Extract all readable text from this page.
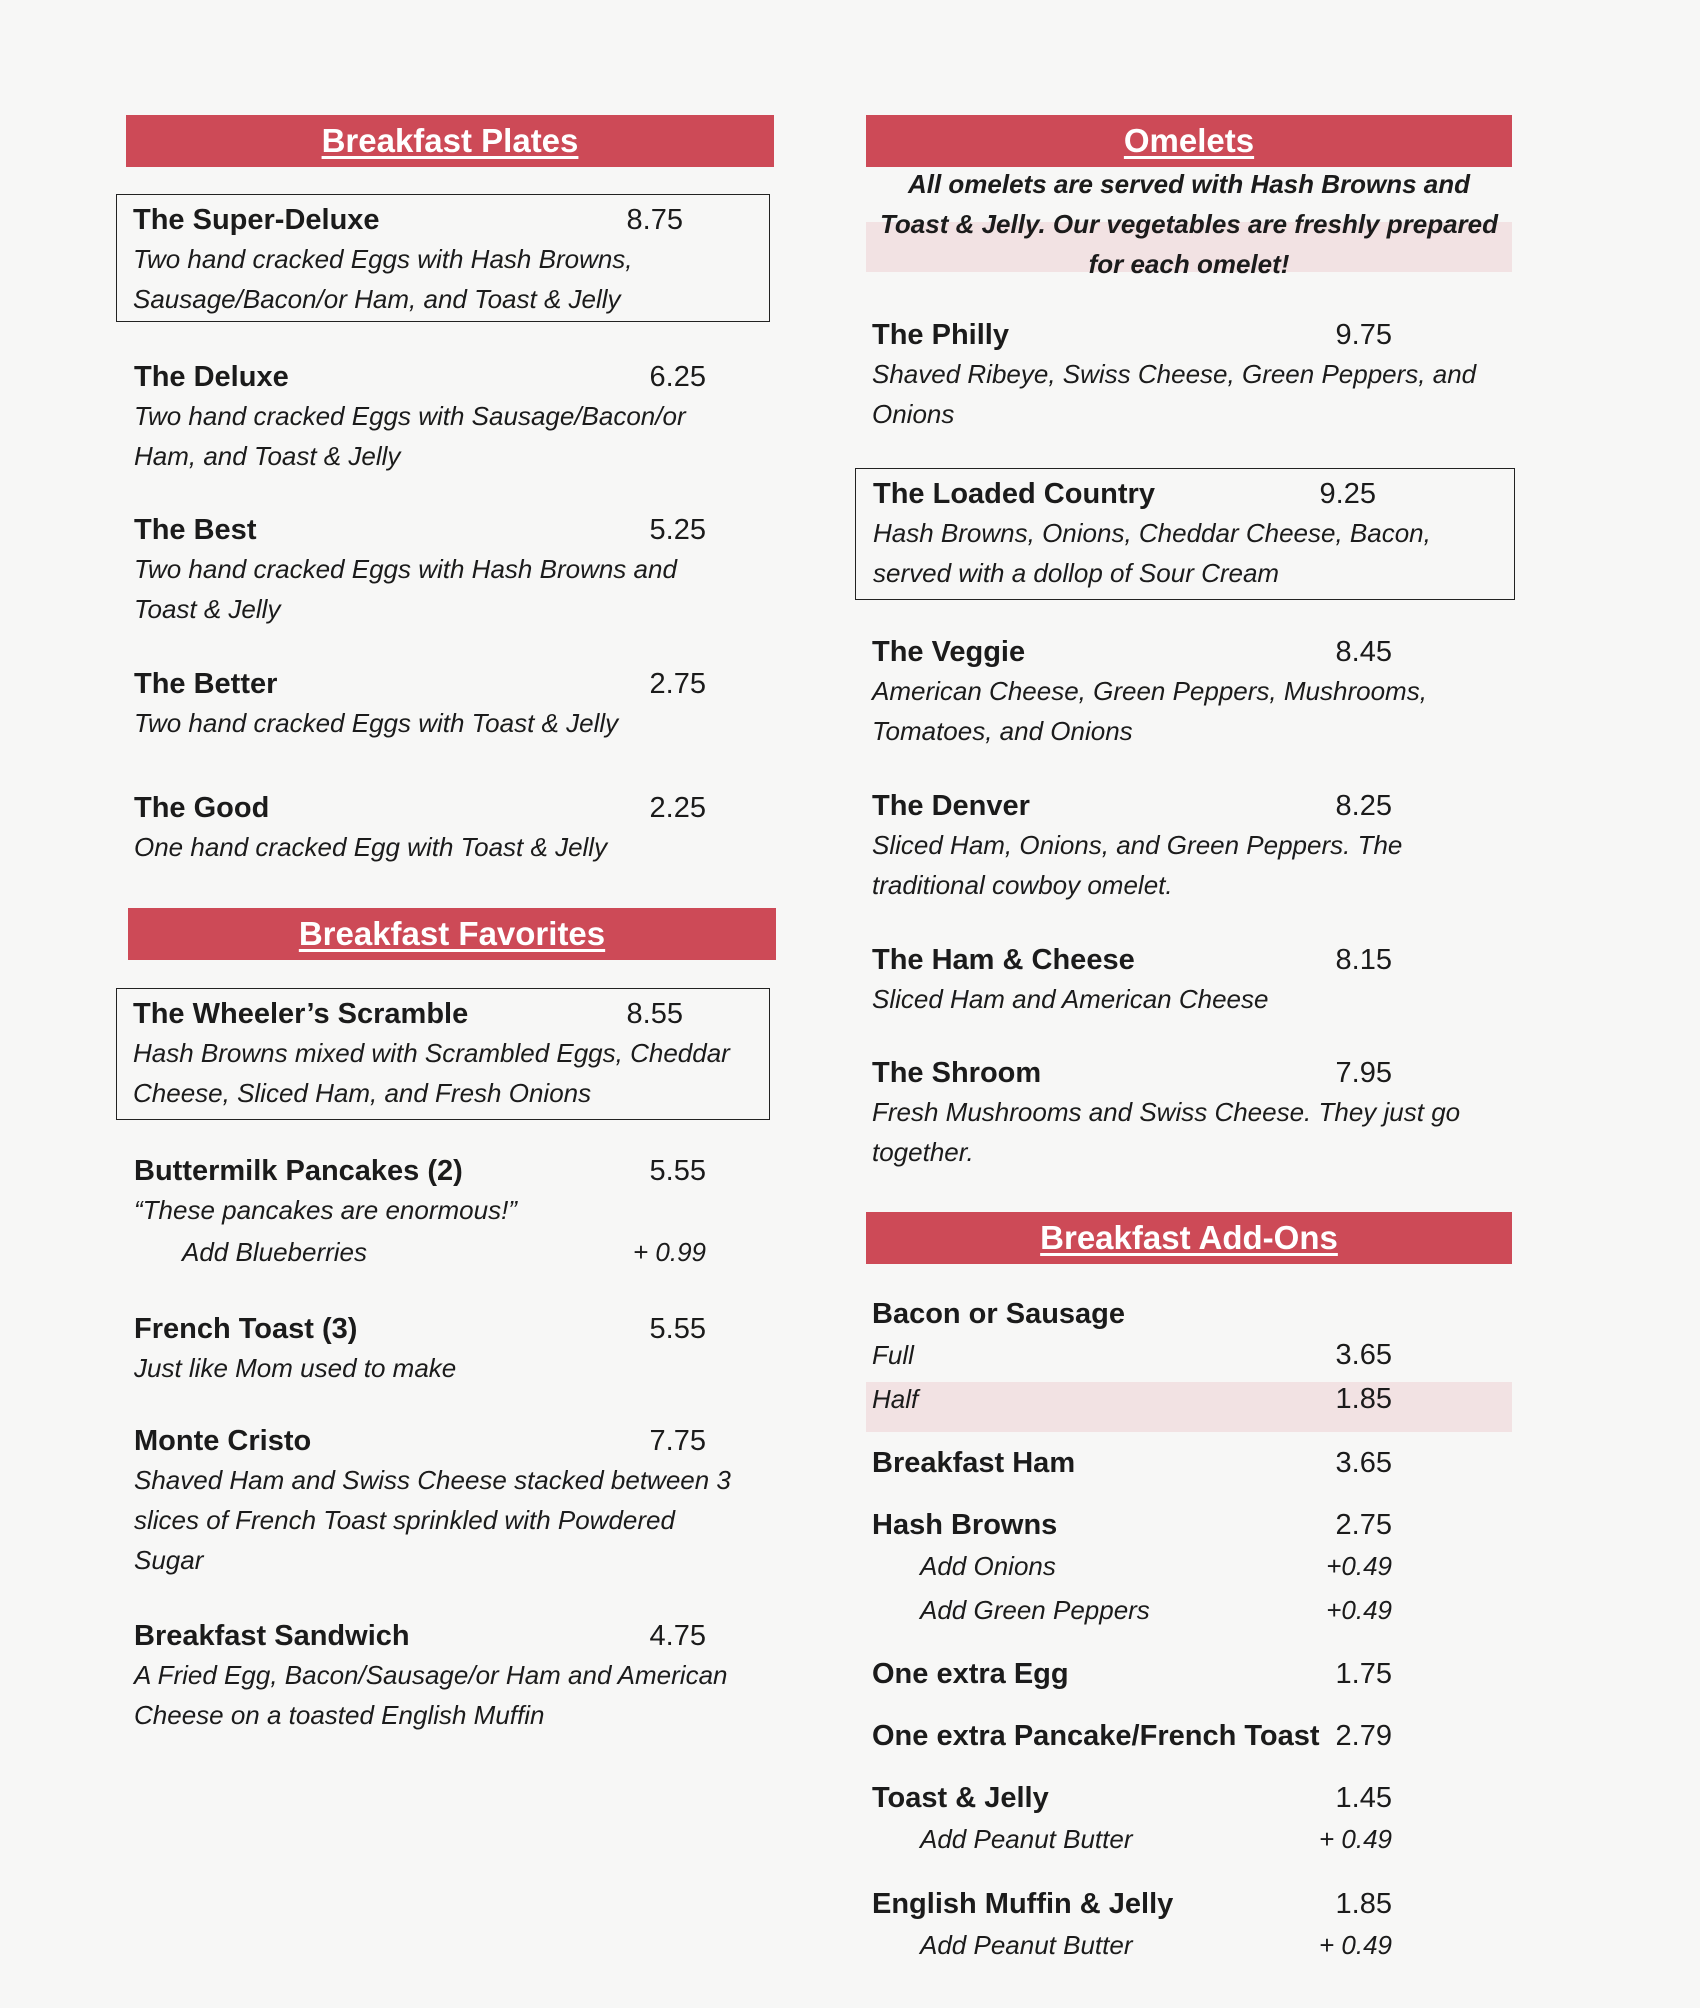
Breakfast Plates
The Super-Deluxe	8.75
Two hand cracked Eggs with Hash Browns,
Sausage/Bacon/or Ham, and Toast & Jelly
The Deluxe	6.25
Two hand cracked Eggs with Sausage/Bacon/or
Ham, and Toast & Jelly
The Best	5.25
Two hand cracked Eggs with Hash Browns and
Toast & Jelly
The Better	2.75
Two hand cracked Eggs with Toast & Jelly
The Good	2.25
One hand cracked Egg with Toast & Jelly
Breakfast Favorites
The Wheeler’s Scramble	8.55
Hash Browns mixed with Scrambled Eggs, Cheddar
Cheese, Sliced Ham, and Fresh Onions
Buttermilk Pancakes (2)	5.55
“These pancakes are enormous!”
Add Blueberries	+ 0.99
French Toast (3)	5.55
Just like Mom used to make
Monte Cristo	7.75
Shaved Ham and Swiss Cheese stacked between 3
slices of French Toast sprinkled with Powdered
Sugar
Breakfast Sandwich	4.75
A Fried Egg, Bacon/Sausage/or Ham and American
Cheese on a toasted English Muffin
Omelets
All omelets are served with Hash Browns and
Toast & Jelly. Our vegetables are freshly prepared
for each omelet!
The Philly	9.75
Shaved Ribeye, Swiss Cheese, Green Peppers, and
Onions
The Loaded Country	9.25
Hash Browns, Onions, Cheddar Cheese, Bacon,
served with a dollop of Sour Cream
The Veggie	8.45
American Cheese, Green Peppers, Mushrooms,
Tomatoes, and Onions
The Denver	8.25
Sliced Ham, Onions, and Green Peppers. The
traditional cowboy omelet.
The Ham & Cheese	8.15
Sliced Ham and American Cheese
The Shroom	7.95
Fresh Mushrooms and Swiss Cheese. They just go
together.
Breakfast Add-Ons
Bacon or Sausage
Full	3.65
Half	1.85
Breakfast Ham	3.65
Hash Browns	2.75
Add Onions	+0.49
Add Green Peppers	+0.49
One extra Egg	1.75
One extra Pancake/French Toast 2.79
Toast & Jelly	1.45
Add Peanut Butter	+ 0.49
English Muffin & Jelly	1.85
Add Peanut Butter	+ 0.49
